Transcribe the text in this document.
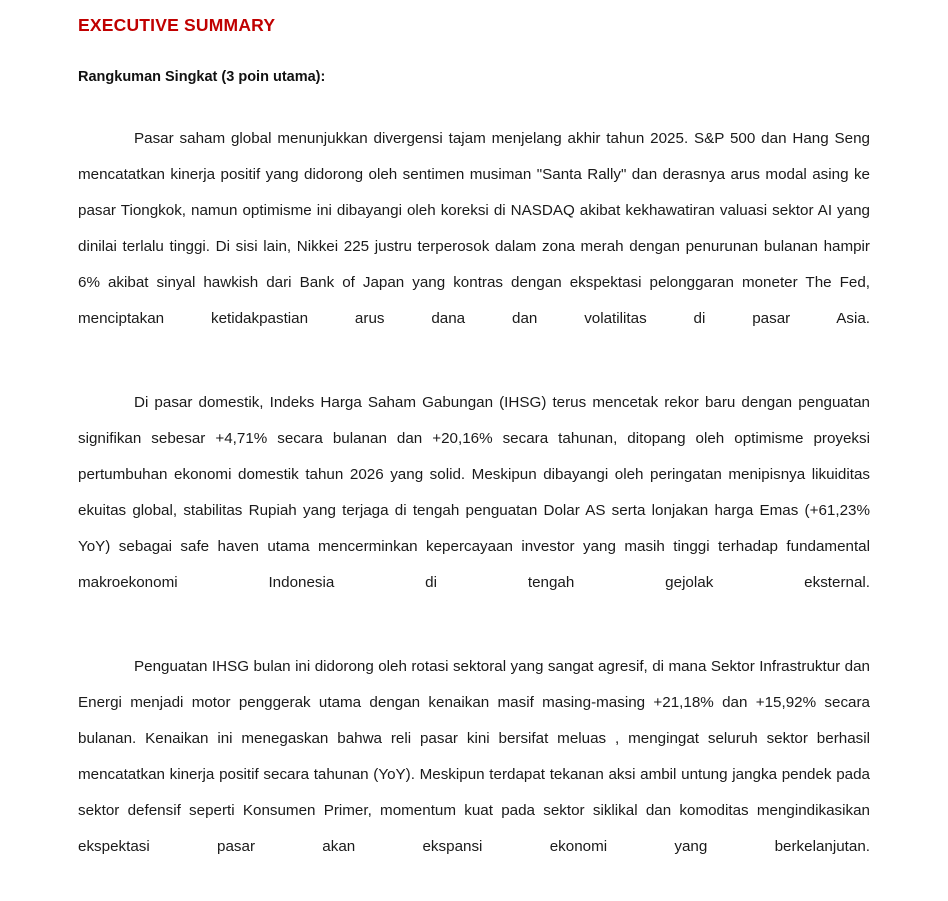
EXECUTIVE SUMMARY
Rangkuman Singkat (3 poin utama):

Pasar saham global menunjukkan divergensi tajam menjelang akhir tahun 2025. S&P 500 dan Hang Seng mencatatkan kinerja positif yang didorong oleh sentimen musiman "Santa Rally" dan derasnya arus modal asing ke pasar Tiongkok, namun optimisme ini dibayangi oleh koreksi di NASDAQ akibat kekhawatiran valuasi sektor AI yang dinilai terlalu tinggi. Di sisi lain, Nikkei 225 justru terperosok dalam zona merah dengan penurunan bulanan hampir 6% akibat sinyal hawkish dari Bank of Japan yang kontras dengan ekspektasi pelonggaran moneter The Fed, menciptakan ketidakpastian arus dana dan volatilitas di pasar Asia.

Di pasar domestik, Indeks Harga Saham Gabungan (IHSG) terus mencetak rekor baru dengan penguatan signifikan sebesar +4,71% secara bulanan dan +20,16% secara tahunan, ditopang oleh optimisme proyeksi pertumbuhan ekonomi domestik tahun 2026 yang solid. Meskipun dibayangi oleh peringatan menipisnya likuiditas ekuitas global, stabilitas Rupiah yang terjaga di tengah penguatan Dolar AS serta lonjakan harga Emas (+61,23% YoY) sebagai safe haven utama mencerminkan kepercayaan investor yang masih tinggi terhadap fundamental makroekonomi Indonesia di tengah gejolak eksternal.

Penguatan IHSG bulan ini didorong oleh rotasi sektoral yang sangat agresif, di mana Sektor Infrastruktur dan Energi menjadi motor penggerak utama dengan kenaikan masif masing-masing +21,18% dan +15,92% secara bulanan. Kenaikan ini menegaskan bahwa reli pasar kini bersifat meluas , mengingat seluruh sektor berhasil mencatatkan kinerja positif secara tahunan (YoY). Meskipun terdapat tekanan aksi ambil untung jangka pendek pada sektor defensif seperti Konsumen Primer, momentum kuat pada sektor siklikal dan komoditas mengindikasikan ekspektasi pasar akan ekspansi ekonomi yang berkelanjutan.
